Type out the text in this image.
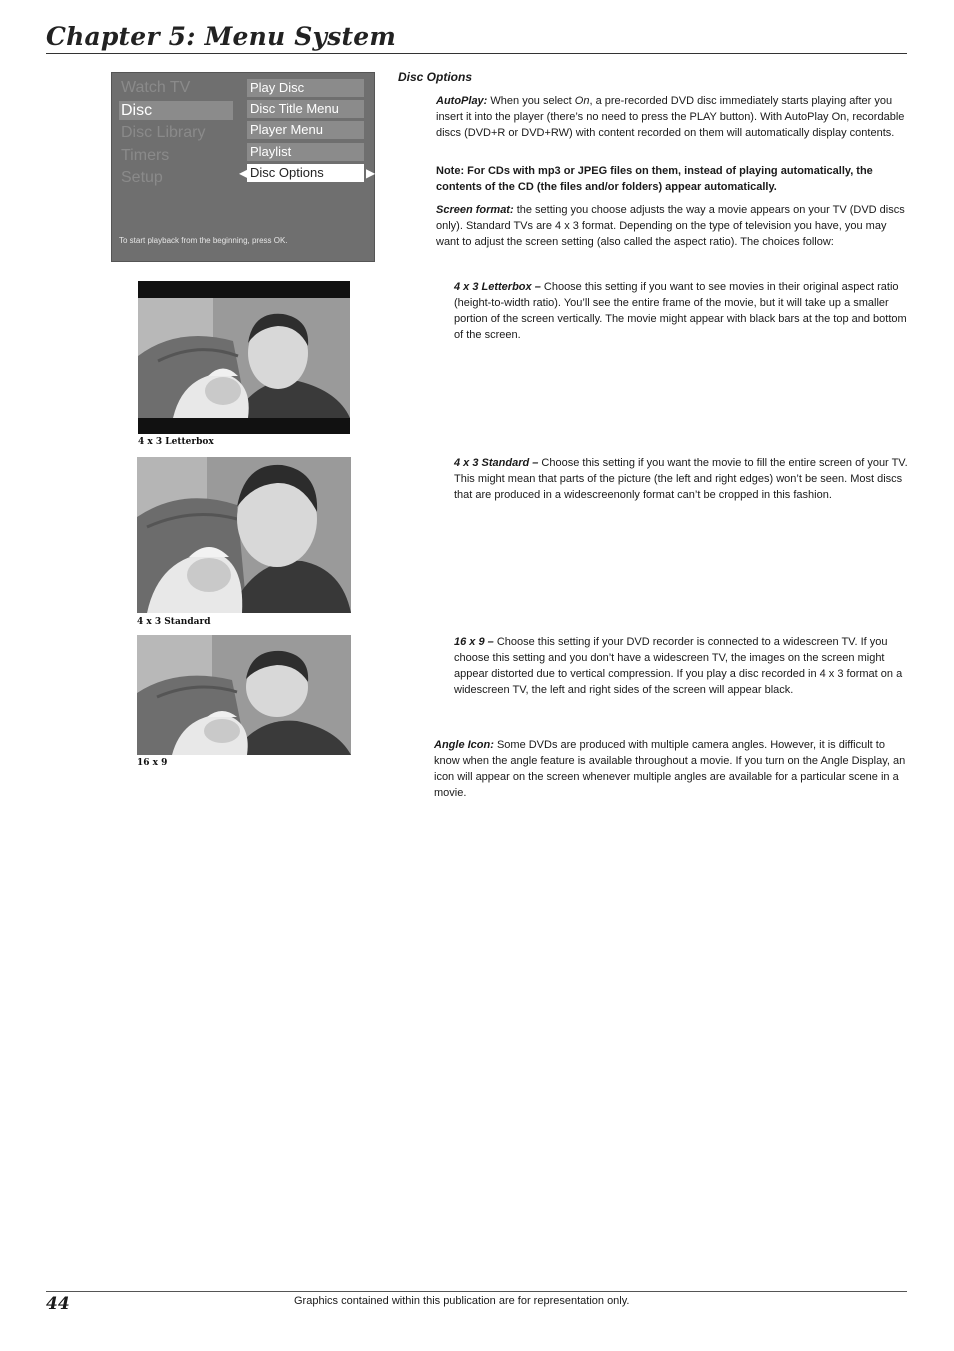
Chapter 5: Menu System
Watch TV
Disc
Disc Library
Timers
Setup
Play Disc
Disc Title Menu
Player Menu
Playlist
Disc Options
◀	▶
To start playback from the beginning, press OK.
4 x 3 Letterbox
4 x 3 Standard
16 x 9
Disc Options
AutoPlay: When you select On, a pre-recorded DVD disc immediately starts playing after you insert it into the player (there’s no need to press the PLAY button). With AutoPlay On, recordable discs (DVD+R or DVD+RW) with content recorded on them will automatically display contents.
Note: For CDs with mp3 or JPEG files on them, instead of playing automatically, the contents of the CD (the files and/or folders) appear automatically.
Screen format: the setting you choose adjusts the way a movie appears on your TV (DVD discs only). Standard TVs are 4 x 3 format. Depending on the type of television you have, you may want to adjust the screen setting (also called the aspect ratio). The choices follow:
4 x 3 Letterbox – Choose this setting if you want to see movies in their original aspect ratio (height-to-width ratio). You’ll see the entire frame of the movie, but it will take up a smaller portion of the screen vertically. The movie might appear with black bars at the top and bottom of the screen.
4 x 3 Standard – Choose this setting if you want the movie to fill the entire screen of your TV. This might mean that parts of the picture (the left and right edges) won’t be seen. Most discs that are produced in a widescreenonly format can’t be cropped in this fashion.
16 x 9 – Choose this setting if your DVD recorder is connected to a widescreen TV. If you choose this setting and you don’t have a widescreen TV, the images on the screen might appear distorted due to vertical compression. If you play a disc recorded in 4 x 3 format on a widescreen TV, the left and right sides of the screen will appear black.
Angle Icon: Some DVDs are produced with multiple camera angles. However, it is difficult to know when the angle feature is available throughout a movie. If you turn on the Angle Display, an icon will appear on the screen whenever multiple angles are available for a particular scene in a movie.
44	Graphics contained within this publication are for representation only.
